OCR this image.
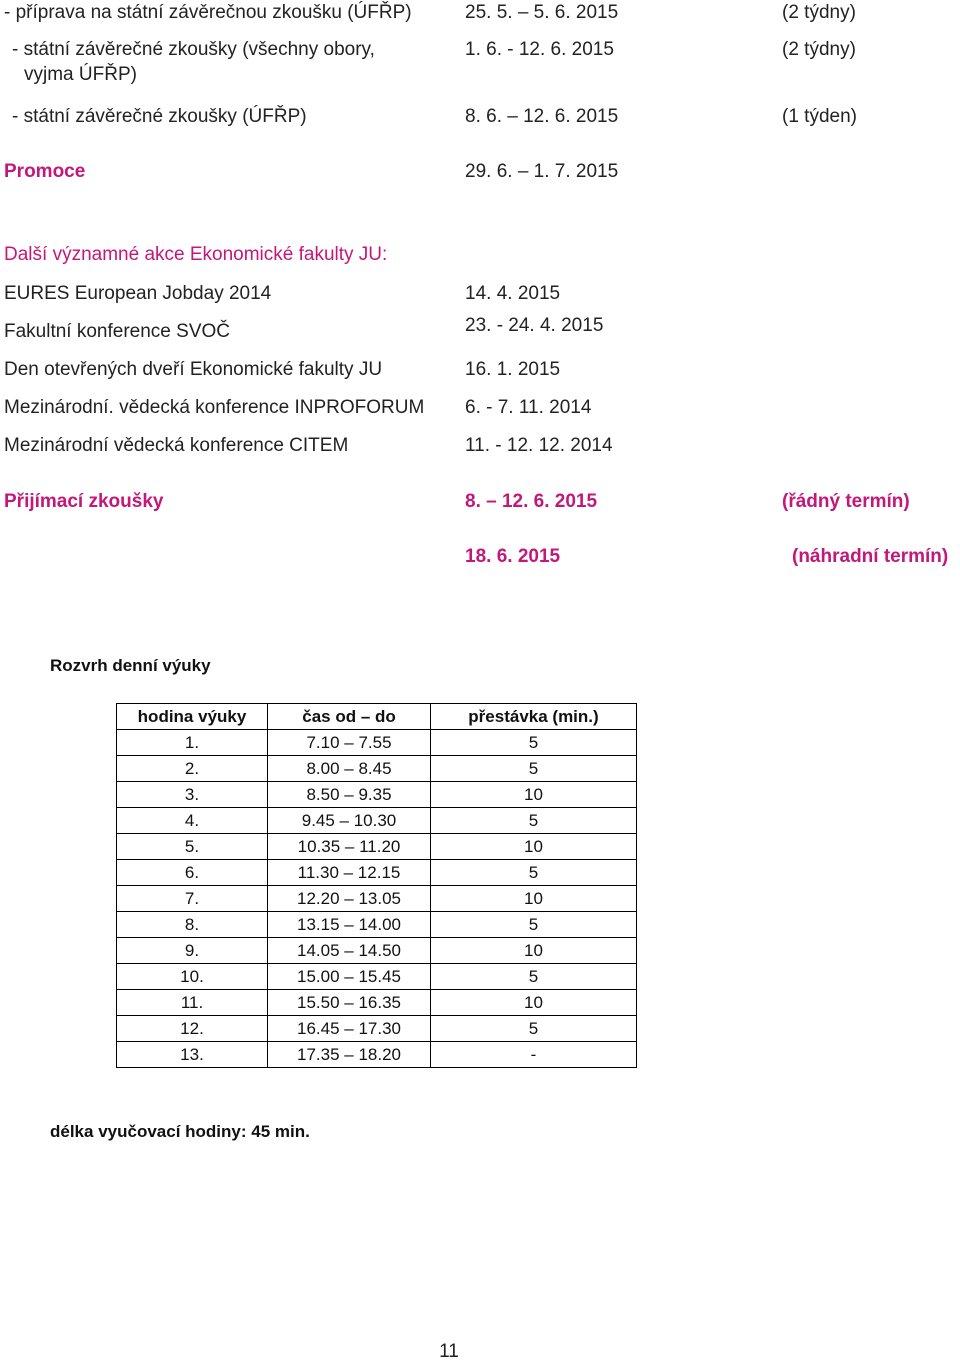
- příprava na státní závěrečnou zkoušku (ÚFŘP)	25. 5. – 5. 6. 2015	(2 týdny)
- státní závěrečné zkoušky (všechny obory,
vyjma ÚFŘP)
1. 6. - 12. 6. 2015	(2 týdny)
- státní závěrečné zkoušky (ÚFŘP)	8. 6. – 12. 6. 2015	(1 týden)
Promoce	29. 6. – 1. 7. 2015
Další významné akce Ekonomické fakulty JU:
EURES European Jobday 2014	14. 4. 2015
Fakultní konference SVOČ	23. - 24. 4. 2015
Den otevřených dveří Ekonomické fakulty JU	16. 1. 2015
Mezinárodní. vědecká konference INPROFORUM 6. - 7. 11. 2014
Mezinárodní vědecká konference CITEM	11. - 12. 12. 2014
Přijímací zkoušky	8. – 12. 6. 2015	(řádný termín)
18. 6. 2015	(náhradní termín)
Rozvrh denní výuky
hodina výuky	čas od – do	přestávka (min.)
1.	7.10 – 7.55	5
2.	8.00 – 8.45	5
3.	8.50 – 9.35	10
4.	9.45 – 10.30	5
5.	10.35 – 11.20	10
6.	11.30 – 12.15	5
7.	12.20 – 13.05	10
8.	13.15 – 14.00	5
9.	14.05 – 14.50	10
10.	15.00 – 15.45	5
11.	15.50 – 16.35	10
12.	16.45 – 17.30	5
13.	17.35 – 18.20	-
délka vyučovací hodiny: 45 min.
11
